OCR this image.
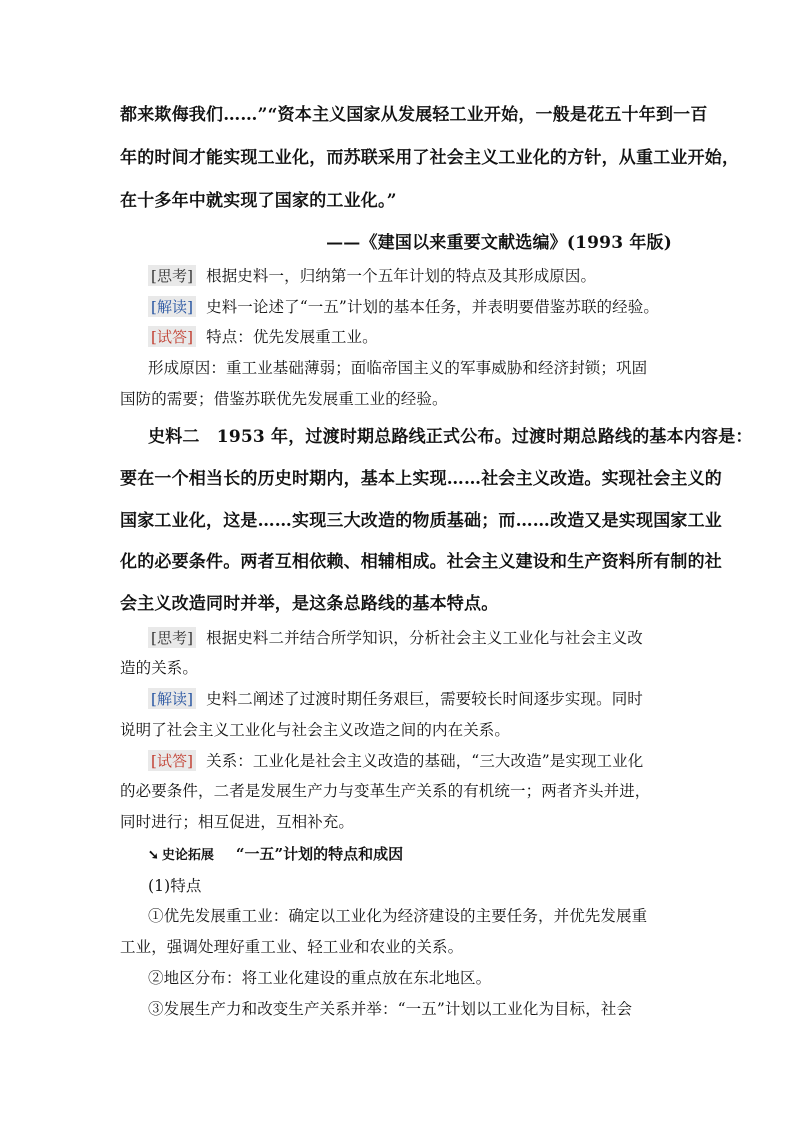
都来欺侮我们……”“资本主义国家从发展轻工业开始，一般是花五十年到一百
年的时间才能实现工业化，而苏联采用了社会主义工业化的方针，从重工业开始，
在十多年中就实现了国家的工业化。”
——《建国以来重要文献选编》(1993 年版)
[思考] 根据史料一，归纳第一个五年计划的特点及其形成原因。
[解读] 史料一论述了“一五”计划的基本任务，并表明要借鉴苏联的经验。
[试答] 特点：优先发展重工业。
形成原因：重工业基础薄弱；面临帝国主义的军事威胁和经济封锁；巩固
国防的需要；借鉴苏联优先发展重工业的经验。
史料二　1953 年，过渡时期总路线正式公布。过渡时期总路线的基本内容是：
要在一个相当长的历史时期内，基本上实现……社会主义改造。实现社会主义的
国家工业化，这是……实现三大改造的物质基础；而……改造又是实现国家工业
化的必要条件。两者互相依赖、相辅相成。社会主义建设和生产资料所有制的社
会主义改造同时并举，是这条总路线的基本特点。
[思考] 根据史料二并结合所学知识，分析社会主义工业化与社会主义改
造的关系。
[解读] 史料二阐述了过渡时期任务艰巨，需要较长时间逐步实现。同时
说明了社会主义工业化与社会主义改造之间的内在关系。
[试答] 关系：工业化是社会主义改造的基础，“三大改造”是实现工业化
的必要条件，二者是发展生产力与变革生产关系的有机统一；两者齐头并进，
同时进行；相互促进，互相补充。
➘ 史论拓展 “一五”计划的特点和成因
(1)特点
①优先发展重工业：确定以工业化为经济建设的主要任务，并优先发展重
工业，强调处理好重工业、轻工业和农业的关系。
②地区分布：将工业化建设的重点放在东北地区。
③发展生产力和改变生产关系并举：“一五”计划以工业化为目标，社会
